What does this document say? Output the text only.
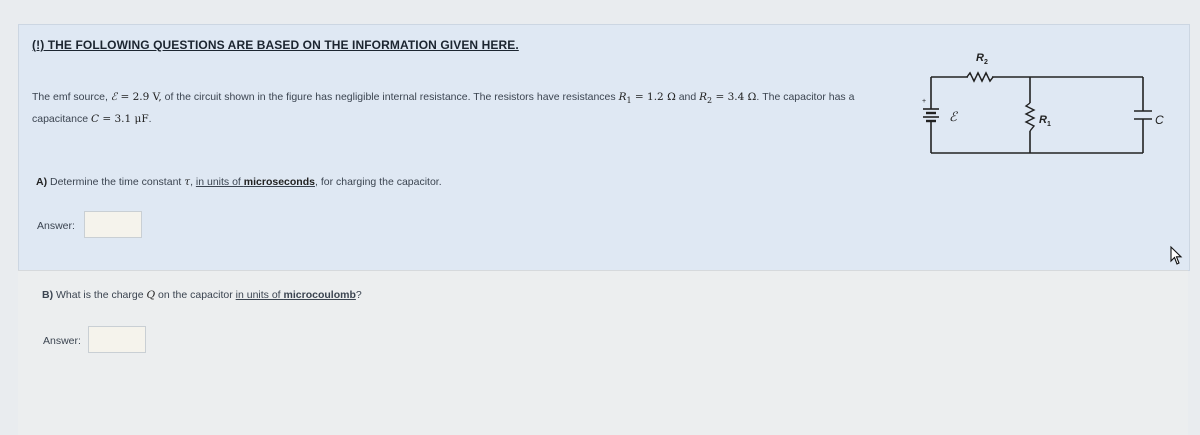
(!) THE FOLLOWING QUESTIONS ARE BASED ON THE INFORMATION GIVEN HERE.
The emf source, ℰ = 2.9 V, of the circuit shown in the figure has negligible internal resistance. The resistors have resistances $R_1 = 1.2$ Ω and $R_2 = 3.4$ Ω. The capacitor has a capacitance C = 3.1 μF.
A) Determine the time constant τ, in units of microseconds, for charging the capacitor.
Answer:
B) What is the charge Q on the capacitor in units of microcoulomb?
Answer:
+
ℰ
R 2
R 1	C
